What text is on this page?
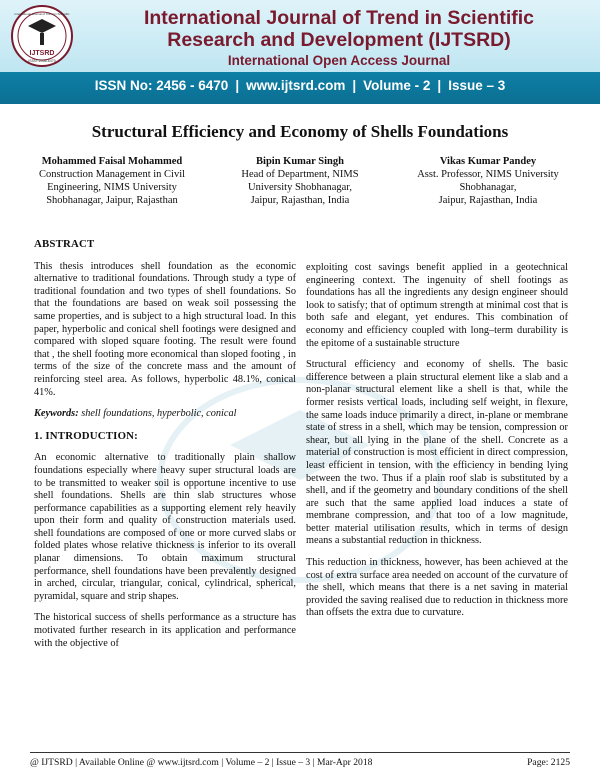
IJTSRD
ISSN: 2456-6470
International Journal of Trend in Scientific	International Journal of Trend in Scientific
Research and Development (IJTSRD)
International Open Access Journal
ISSN No: 2456 - 6470 | www.ijtsrd.com | Volume - 2 | Issue – 3
Structural Efficiency and Economy of Shells Foundations
Mohammed Faisal Mohammed
Construction Management in Civil
Engineering, NIMS University
Shobhanagar, Jaipur, Rajasthan
Bipin Kumar Singh
Head of Department, NIMS
University Shobhanagar,
Jaipur, Rajasthan, India
Vikas Kumar Pandey
Asst. Professor, NIMS University
Shobhanagar,
Jaipur, Rajasthan, India
ABSTRACT

This thesis introduces shell foundation as the economic alternative to traditional foundations. Through study a type of traditional foundation and two types of shell foundations. So that the foundations are based on weak soil possessing the same properties, and is subject to a high structural load. In this paper, hyperbolic and conical shell footings were designed and compared with sloped square footing. The result were found that , the shell footing more economical than sloped footing , in terms of the size of the concrete mass and the amount of reinforcing steel area. As follows, hyperbolic 48.1%, conical 41%.

Keywords: shell foundations, hyperbolic, conical

1. INTRODUCTION:

An economic alternative to traditionally plain shallow foundations especially where heavy super structural loads are to be transmitted to weaker soil is opportune incentive to use shell foundations. Shells are thin slab structures whose performance capabilities as a supporting element rely heavily upon their form and quality of construction materials used. shell foundations are composed of one or more curved slabs or folded plates whose relative thickness is inferior to its overall planar dimensions. To obtain maximum structural performance, shell foundations have been prevalently designed in arched, circular, triangular, conical, cylindrical, spherical, pyramidal, square and strip shapes.

The historical success of shells performance as a structure has motivated further research in its application and performance with the objective of

exploiting cost savings benefit applied in a geotechnical engineering context. The ingenuity of shell footings as foundations has all the ingredients any design engineer should look to satisfy; that of optimum strength at minimal cost that is both safe and elegant, yet endures. This combination of economy and efficiency coupled with long–term durability is the epitome of a sustainable structure

Structural efficiency and economy of shells. The basic difference between a plain structural element like a slab and a non-planar structural element like a shell is that, while the former resists vertical loads, including self weight, in flexure, the same loads induce primarily a direct, in-plane or membrane state of stress in a shell, which may be tension, compression or shear, but all lying in the plane of the shell. Concrete as a material of construction is most efficient in direct compression, least efficient in tension, with the efficiency in bending lying between the two. Thus if a plain roof slab is substituted by a shell, and if the geometry and boundary conditions of the shell are such that the same applied load induces a state of membrane compression, and that too of a low magnitude, better material utilisation results, which in terms of design means a substantial reduction in thickness.

This reduction in thickness, however, has been achieved at the cost of extra surface area needed on account of the curvature of the shell, which means that there is a net saving in material provided the saving realised due to reduction in thickness more than offsets the extra due to curvature.

@ IJTSRD | Available Online @ www.ijtsrd.com | Volume – 2 | Issue – 3 | Mar-Apr 2018	Page: 2125
